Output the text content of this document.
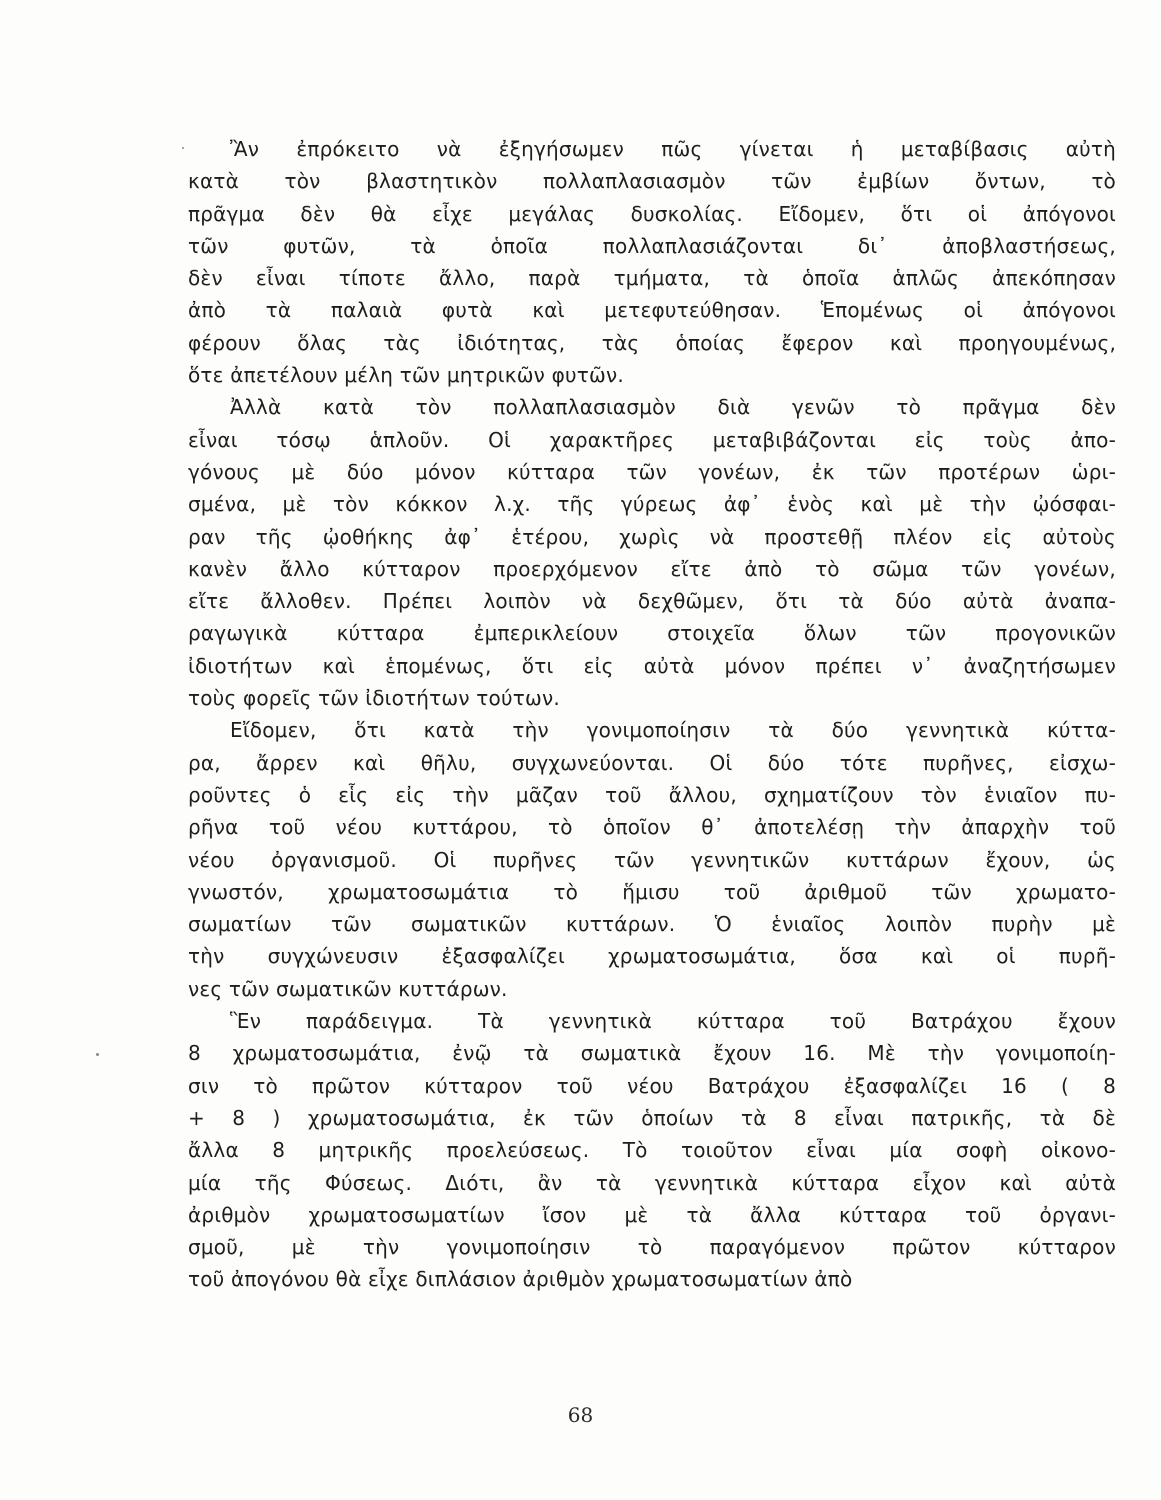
Ἂν ἐπρόκειτο νὰ ἐξηγήσωμεν πῶς γίνεται ἡ μεταβίβασις αὐτὴ
κατὰ τὸν βλαστητικὸν πολλαπλασιασμὸν τῶν ἐμβίων ὄντων, τὸ
πρᾶγμα δὲν θὰ εἶχε μεγάλας δυσκολίας. Εἴδομεν, ὅτι οἱ ἀπόγονοι
τῶν φυτῶν, τὰ ὁποῖα πολλαπλασιάζονται δι᾽ ἀποβλαστήσεως,
δὲν εἶναι τίποτε ἄλλο, παρὰ τμήματα, τὰ ὁποῖα ἁπλῶς ἀπεκόπησαν
ἀπὸ τὰ παλαιὰ φυτὰ καὶ μετεφυτεύθησαν. Ἑπομένως οἱ ἀπόγονοι
φέρουν ὅλας τὰς ἰδιότητας, τὰς ὁποίας ἔφερον καὶ προηγουμένως,
ὅτε ἀπετέλουν μέλη τῶν μητρικῶν φυτῶν.
Ἀλλὰ κατὰ τὸν πολλαπλασιασμὸν διὰ γενῶν τὸ πρᾶγμα δὲν
εἶναι τόσῳ ἁπλοῦν. Οἱ χαρακτῆρες μεταβιβάζονται εἰς τοὺς ἀπο-
γόνους μὲ δύο μόνον κύτταρα τῶν γονέων, ἐκ τῶν προτέρων ὡρι-
σμένα, μὲ τὸν κόκκον λ.χ. τῆς γύρεως ἀφ᾽ ἑνὸς καὶ μὲ τὴν ᾠόσφαι-
ραν τῆς ᾠοθήκης ἀφ᾽ ἑτέρου, χωρὶς νὰ προστεθῇ πλέον εἰς αὐτοὺς
κανὲν ἄλλο κύτταρον προερχόμενον εἴτε ἀπὸ τὸ σῶμα τῶν γονέων,
εἴτε ἄλλοθεν. Πρέπει λοιπὸν νὰ δεχθῶμεν, ὅτι τὰ δύο αὐτὰ ἀναπα-
ραγωγικὰ κύτταρα ἐμπερικλείουν στοιχεῖα ὅλων τῶν προγονικῶν
ἰδιοτήτων καὶ ἑπομένως, ὅτι εἰς αὐτὰ μόνον πρέπει ν᾽ ἀναζητήσωμεν
τοὺς φορεῖς τῶν ἰδιοτήτων τούτων.
Εἴδομεν, ὅτι κατὰ τὴν γονιμοποίησιν τὰ δύο γεννητικὰ κύττα-
ρα, ἄρρεν καὶ θῆλυ, συγχωνεύονται. Οἱ δύο τότε πυρῆνες, εἰσχω-
ροῦντες ὁ εἷς εἰς τὴν μᾶζαν τοῦ ἄλλου, σχηματίζουν τὸν ἑνιαῖον πυ-
ρῆνα τοῦ νέου κυττάρου, τὸ ὁποῖον θ᾽ ἀποτελέσῃ τὴν ἀπαρχὴν τοῦ
νέου ὀργανισμοῦ. Οἱ πυρῆνες τῶν γεννητικῶν κυττάρων ἔχουν, ὡς
γνωστόν, χρωματοσωμάτια τὸ ἥμισυ τοῦ ἀριθμοῦ τῶν χρωματο-
σωματίων τῶν σωματικῶν κυττάρων. Ὁ ἑνιαῖος λοιπὸν πυρὴν μὲ
τὴν συγχώνευσιν ἐξασφαλίζει χρωματοσωμάτια, ὅσα καὶ οἱ πυρῆ-
νες τῶν σωματικῶν κυττάρων.
Ἓν παράδειγμα. Τὰ γεννητικὰ κύτταρα τοῦ Βατράχου ἔχουν
8 χρωματοσωμάτια, ἐνῷ τὰ σωματικὰ ἔχουν 16. Μὲ τὴν γονιμοποίη-
σιν τὸ πρῶτον κύτταρον τοῦ νέου Βατράχου ἐξασφαλίζει 16 ( 8
+ 8 ) χρωματοσωμάτια, ἐκ τῶν ὁποίων τὰ 8 εἶναι πατρικῆς, τὰ δὲ
ἄλλα 8 μητρικῆς προελεύσεως. Τὸ τοιοῦτον εἶναι μία σοφὴ οἰκονο-
μία τῆς Φύσεως. Διότι, ἂν τὰ γεννητικὰ κύτταρα εἶχον καὶ αὐτὰ
ἀριθμὸν χρωματοσωματίων ἴσον μὲ τὰ ἄλλα κύτταρα τοῦ ὀργανι-
σμοῦ, μὲ τὴν γονιμοποίησιν τὸ παραγόμενον πρῶτον κύτταρον
τοῦ ἀπογόνου θὰ εἶχε διπλάσιον ἀριθμὸν χρωματοσωματίων ἀπὸ
68
